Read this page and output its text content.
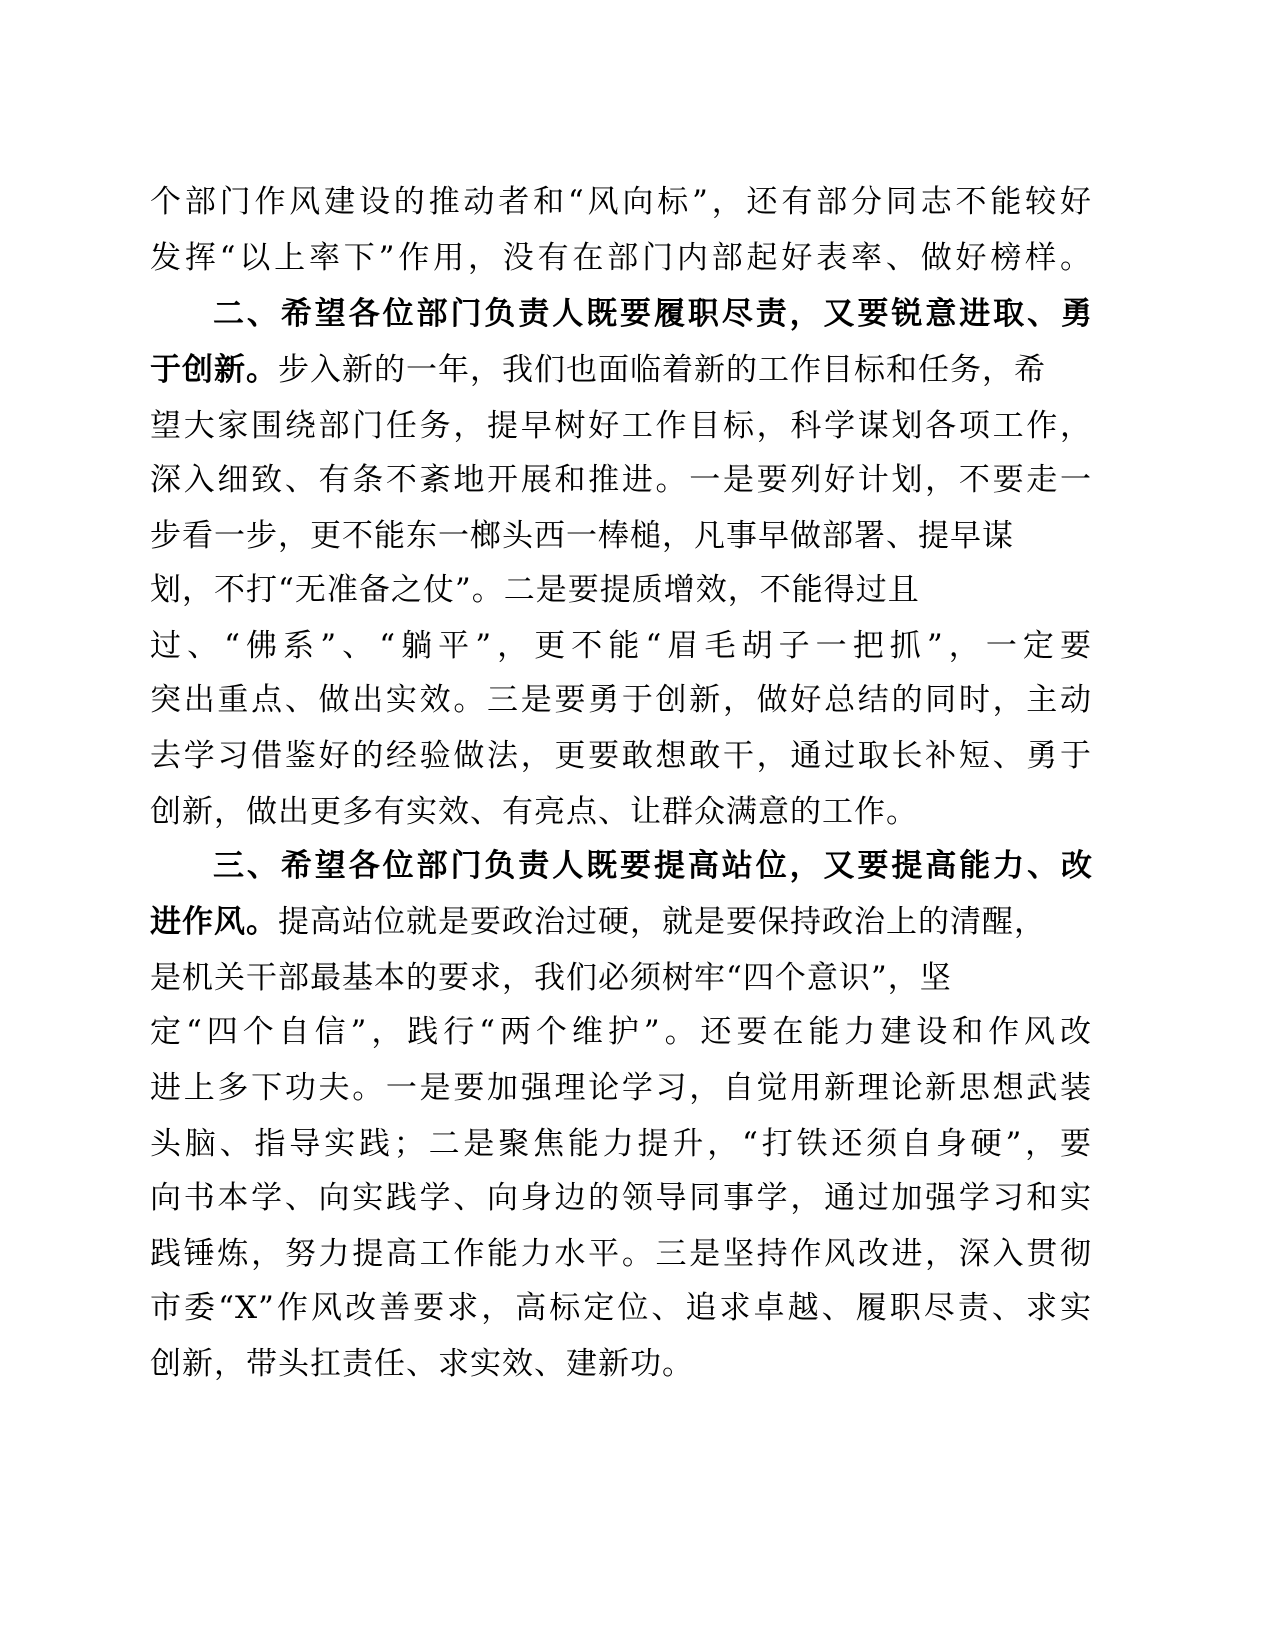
个部门作风建设的推动者和“风向标”，还有部分同志不能较好
发挥“以上率下”作用，没有在部门内部起好表率、做好榜样。
二、希望各位部门负责人既要履职尽责，又要锐意进取、勇
于创新。步入新的一年，我们也面临着新的工作目标和任务，希
望大家围绕部门任务，提早树好工作目标，科学谋划各项工作，
深入细致、有条不紊地开展和推进。一是要列好计划，不要走一
步看一步，更不能东一榔头西一棒槌，凡事早做部署、提早谋
划，不打“无准备之仗”。二是要提质增效，不能得过且
过、“佛系”、“躺平”，更不能“眉毛胡子一把抓”，一定要
突出重点、做出实效。三是要勇于创新，做好总结的同时，主动
去学习借鉴好的经验做法，更要敢想敢干，通过取长补短、勇于
创新，做出更多有实效、有亮点、让群众满意的工作。
三、希望各位部门负责人既要提高站位，又要提高能力、改
进作风。提高站位就是要政治过硬，就是要保持政治上的清醒，
是机关干部最基本的要求，我们必须树牢“四个意识”，坚
定“四个自信”，践行“两个维护”。还要在能力建设和作风改
进上多下功夫。一是要加强理论学习，自觉用新理论新思想武装
头脑、指导实践；二是聚焦能力提升，“打铁还须自身硬”，要
向书本学、向实践学、向身边的领导同事学，通过加强学习和实
践锤炼，努力提高工作能力水平。三是坚持作风改进，深入贯彻
市委“X”作风改善要求，高标定位、追求卓越、履职尽责、求实
创新，带头扛责任、求实效、建新功。
